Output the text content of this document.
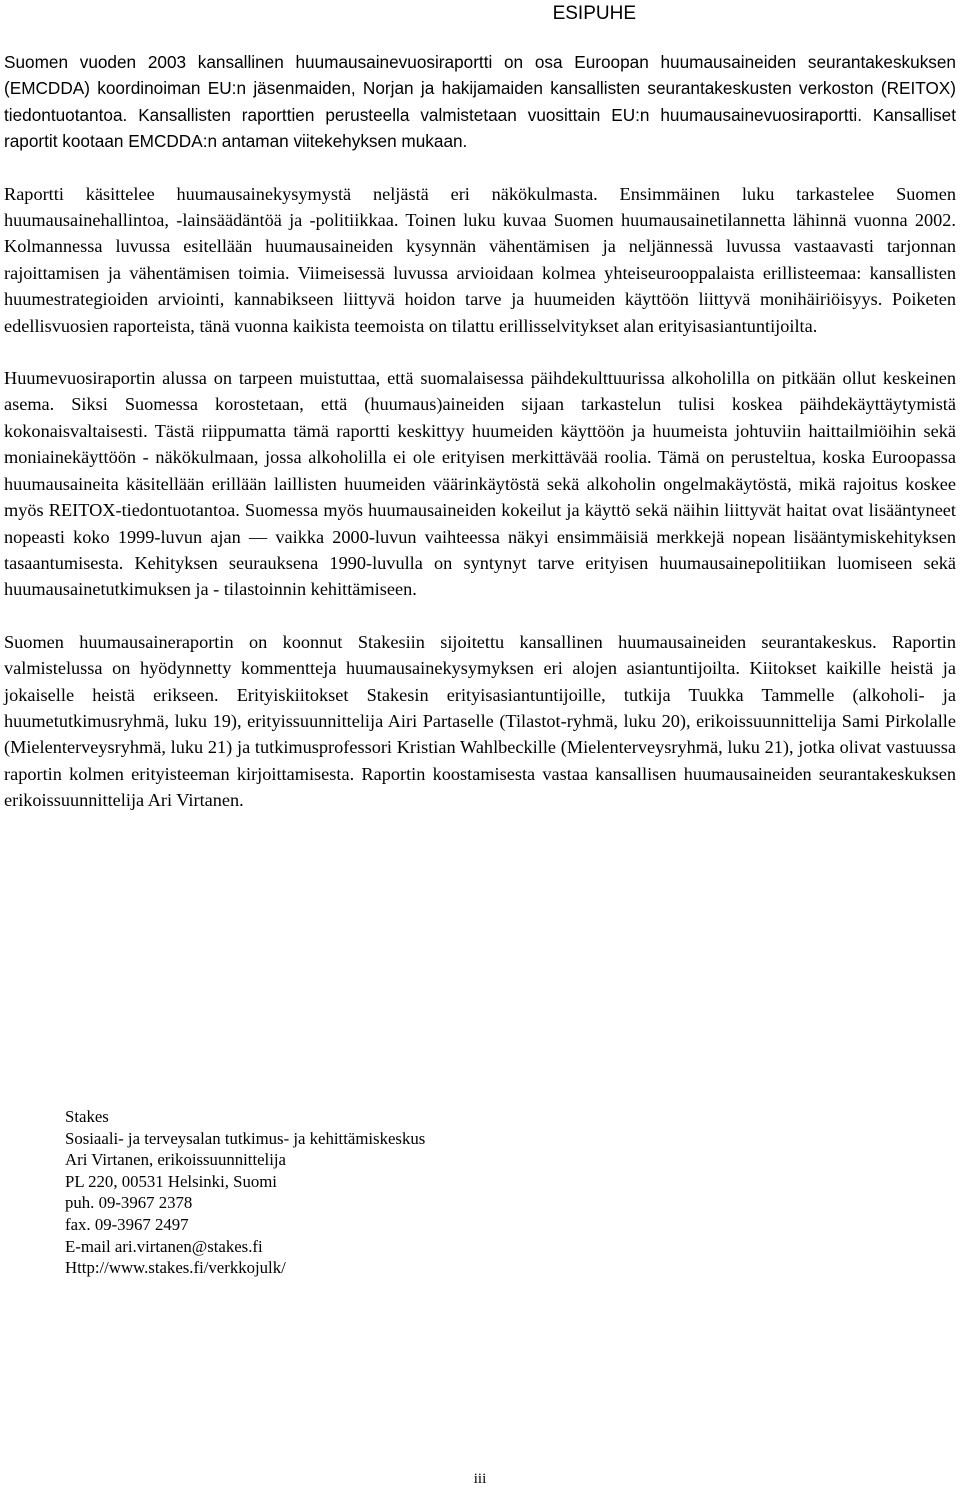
ESIPUHE

Suomen vuoden 2003 kansallinen huumausainevuosiraportti on osa Euroopan huumausaineiden seurantakeskuksen (EMCDDA) koordinoiman EU:n jäsenmaiden, Norjan ja hakijamaiden kansallisten seurantakeskusten verkoston (REITOX) tiedontuotantoa. Kansallisten raporttien perusteella valmistetaan vuosittain EU:n huumausainevuosiraportti. Kansalliset raportit kootaan EMCDDA:n antaman viitekehyksen mukaan.

Raportti käsittelee huumausainekysymystä neljästä eri näkökulmasta. Ensimmäinen luku tarkastelee Suomen huumausainehallintoa, -lainsäädäntöä ja -politiikkaa. Toinen luku kuvaa Suomen huumausainetilannetta lähinnä vuonna 2002. Kolmannessa luvussa esitellään huumausaineiden kysynnän vähentämisen ja neljännessä luvussa vastaavasti tarjonnan rajoittamisen ja vähentämisen toimia. Viimeisessä luvussa arvioidaan kolmea yhteiseurooppalaista erillisteemaa: kansallisten huumestrategioiden arviointi, kannabikseen liittyvä hoidon tarve ja huumeiden käyttöön liittyvä monihäiriöisyys. Poiketen edellisvuosien raporteista, tänä vuonna kaikista teemoista on tilattu erillisselvitykset alan erityisasiantuntijoilta.

Huumevuosiraportin alussa on tarpeen muistuttaa, että suomalaisessa päihdekulttuurissa alkoholilla on pitkään ollut keskeinen asema. Siksi Suomessa korostetaan, että (huumaus)aineiden sijaan tarkastelun tulisi koskea päihdekäyttäytymistä kokonaisvaltaisesti. Tästä riippumatta tämä raportti keskittyy huumeiden käyttöön ja huumeista johtuviin haittailmiöihin sekä moniainekäyttöön - näkökulmaan, jossa alkoholilla ei ole erityisen merkittävää roolia. Tämä on perusteltua, koska Euroopassa huumausaineita käsitellään erillään laillisten huumeiden väärinkäytöstä sekä alkoholin ongelmakäytöstä, mikä rajoitus koskee myös REITOX-tiedontuotantoa. Suomessa myös huumausaineiden kokeilut ja käyttö sekä näihin liittyvät haitat ovat lisääntyneet nopeasti koko 1999-luvun ajan — vaikka 2000-luvun vaihteessa näkyi ensimmäisiä merkkejä nopean lisääntymiskehityksen tasaantumisesta. Kehityksen seurauksena 1990-luvulla on syntynyt tarve erityisen huumausainepolitiikan luomiseen sekä huumausainetutkimuksen ja - tilastoinnin kehittämiseen.

Suomen huumausaineraportin on koonnut Stakesiin sijoitettu kansallinen huumausaineiden seurantakeskus. Raportin valmistelussa on hyödynnetty kommentteja huumausainekysymyksen eri alojen asiantuntijoilta. Kiitokset kaikille heistä ja jokaiselle heistä erikseen. Erityiskiitokset Stakesin erityisasiantuntijoille, tutkija Tuukka Tammelle (alkoholi- ja huumetutkimusryhmä, luku 19), erityissuunnittelija Airi Partaselle (Tilastot-ryhmä, luku 20), erikoissuunnittelija Sami Pirkolalle (Mielenterveysryhmä, luku 21) ja tutkimusprofessori Kristian Wahlbeckille (Mielenterveysryhmä, luku 21), jotka olivat vastuussa raportin kolmen erityisteeman kirjoittamisesta. Raportin koostamisesta vastaa kansallisen huumausaineiden seurantakeskuksen erikoissuunnittelija Ari Virtanen.

Stakes
Sosiaali- ja terveysalan tutkimus- ja kehittämiskeskus
Ari Virtanen, erikoissuunnittelija
PL 220, 00531 Helsinki, Suomi
puh. 09-3967 2378
fax. 09-3967 2497
E-mail ari.virtanen@stakes.fi
Http://www.stakes.fi/verkkojulk/
iii
